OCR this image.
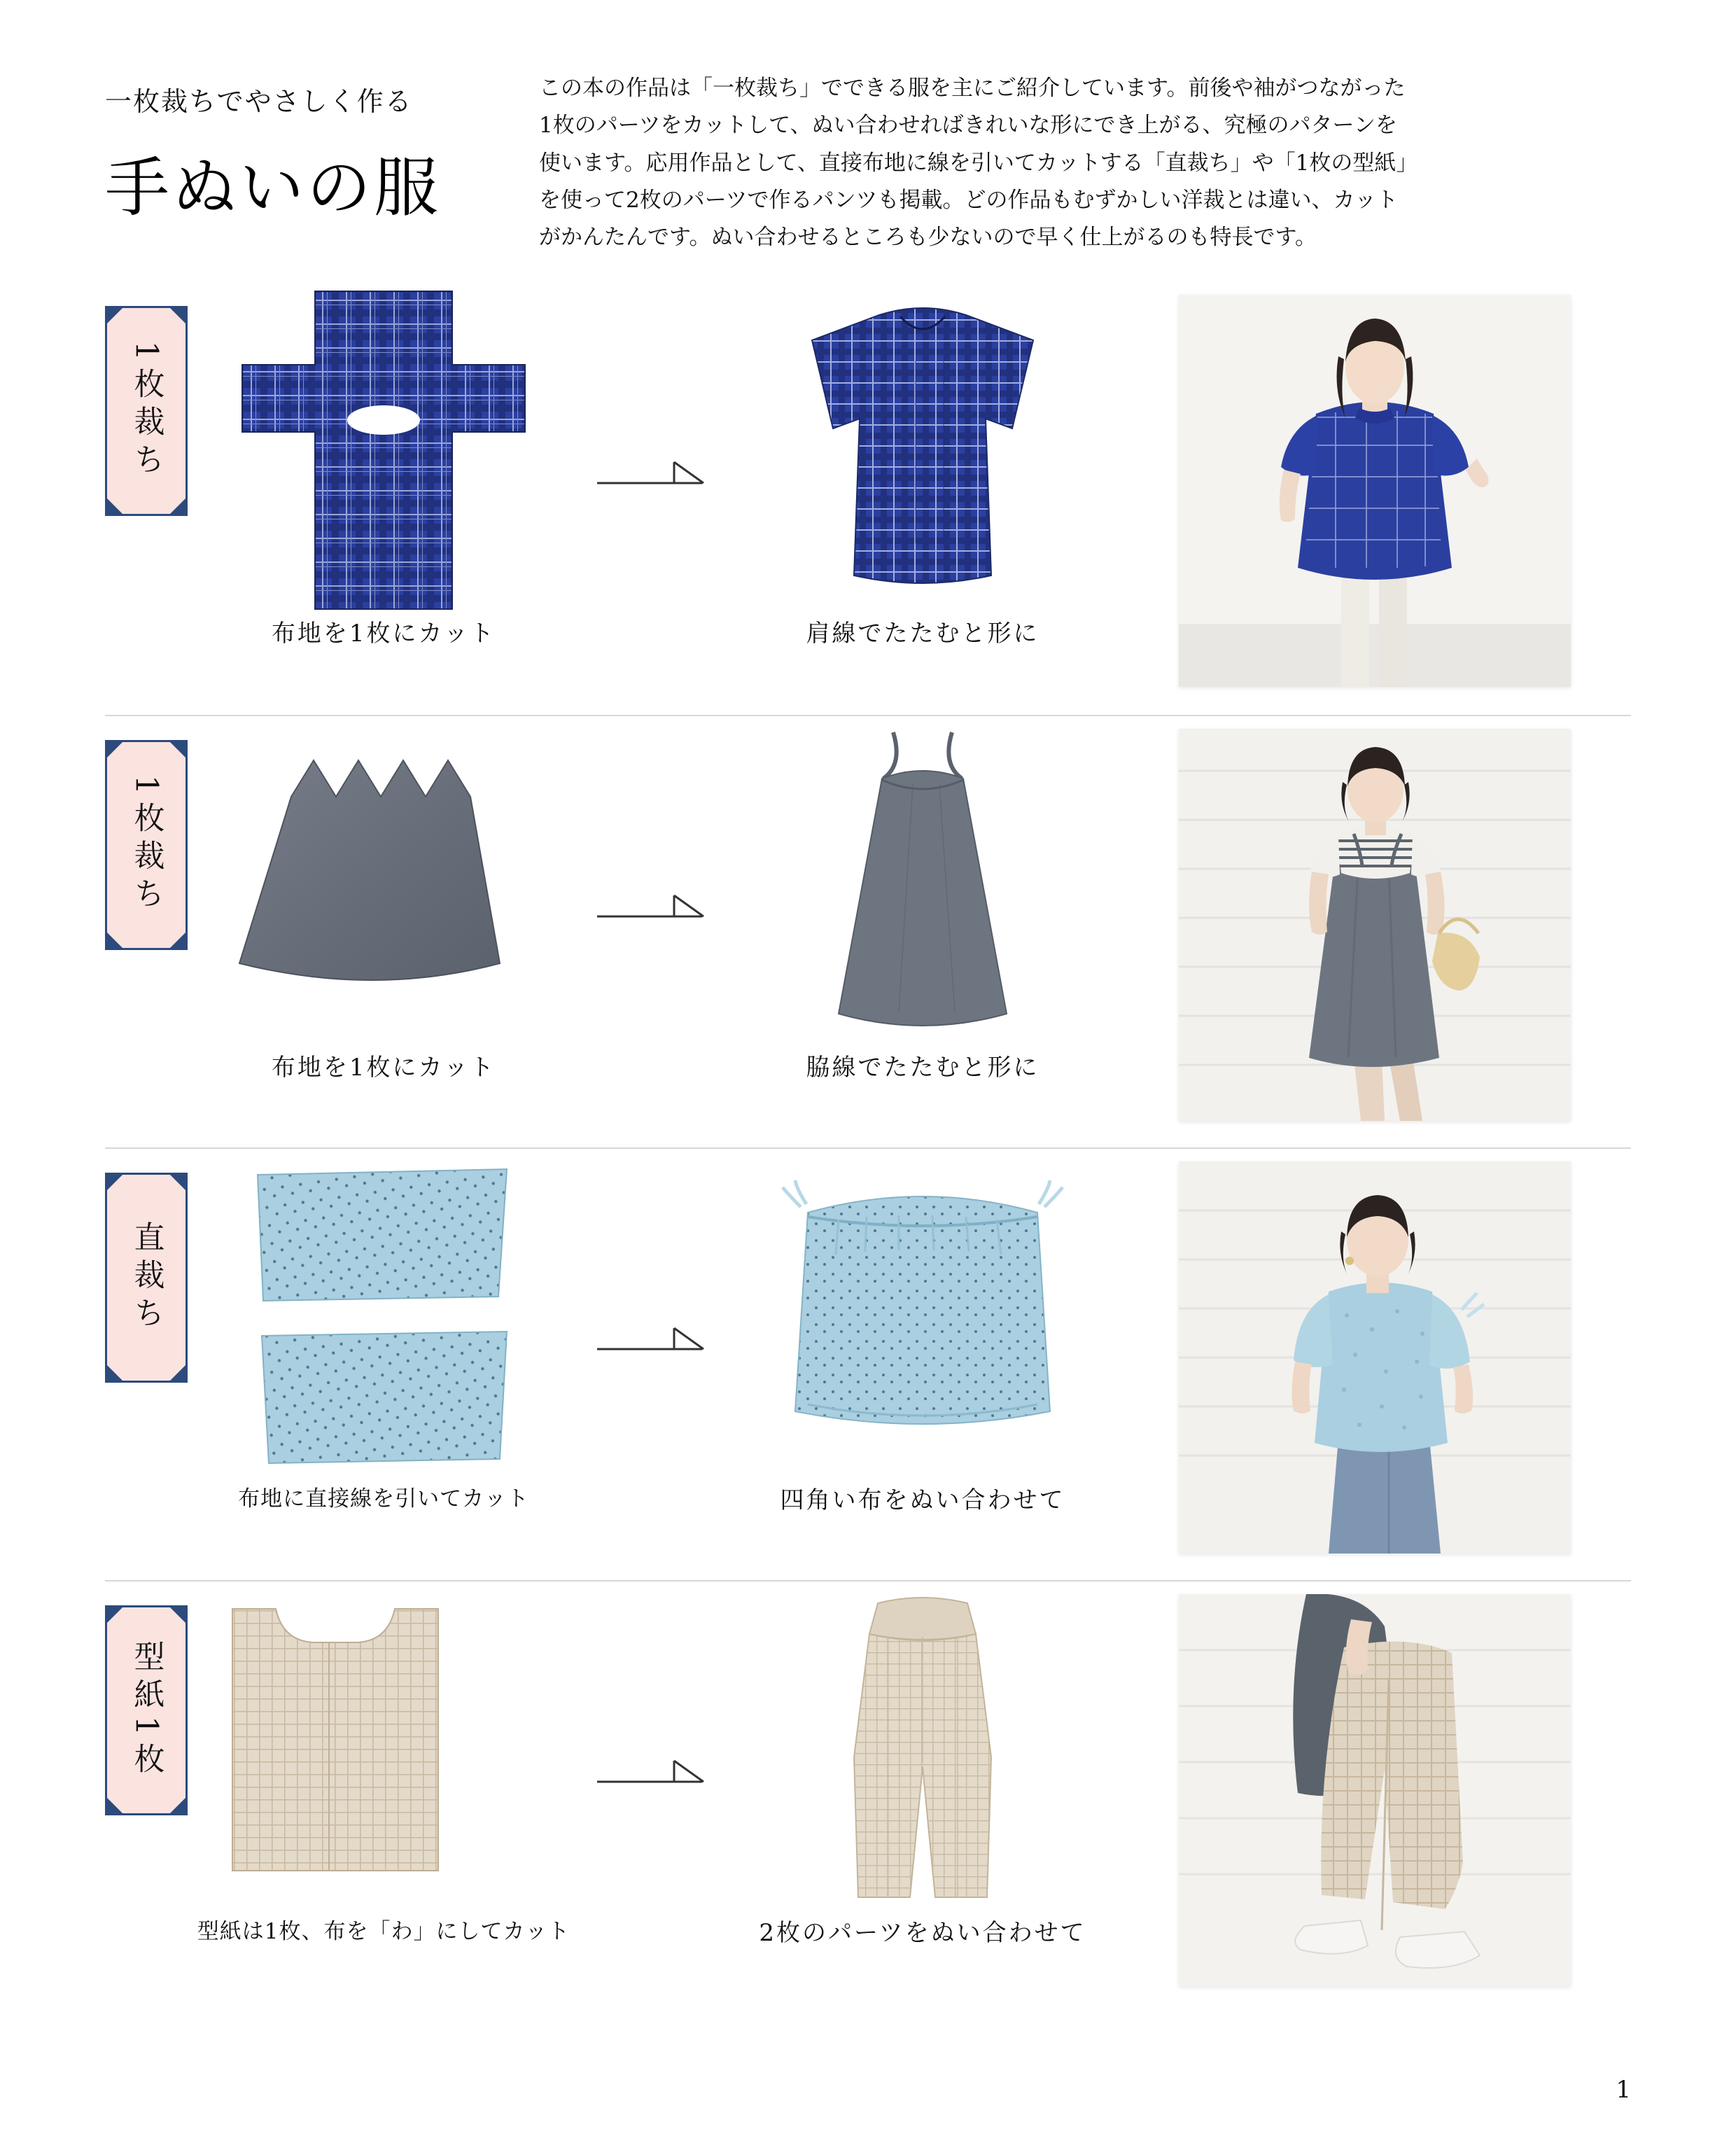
一枚裁ちでやさしく作る
手ぬいの服
この本の作品は「一枚裁ち」でできる服を主にご紹介しています。前後や袖がつながった
1枚のパーツをカットして、ぬい合わせればきれいな形にでき上がる、究極のパターンを
使います。応用作品として、直接布地に線を引いてカットする「直裁ち」や「1枚の型紙」
を使って2枚のパーツで作るパンツも掲載。どの作品もむずかしい洋裁とは違い、カット
がかんたんです。ぬい合わせるところも少ないので早く仕上がるのも特長です。
1枚裁ち
布地を1枚にカット	肩線でたたむと形に
1枚裁ち
布地を1枚にカット	脇線でたたむと形に
直裁ち
布地に直接線を引いてカット	四角い布をぬい合わせて
型紙1枚
型紙は1枚、布を「わ」にしてカット	2枚のパーツをぬい合わせて
1
